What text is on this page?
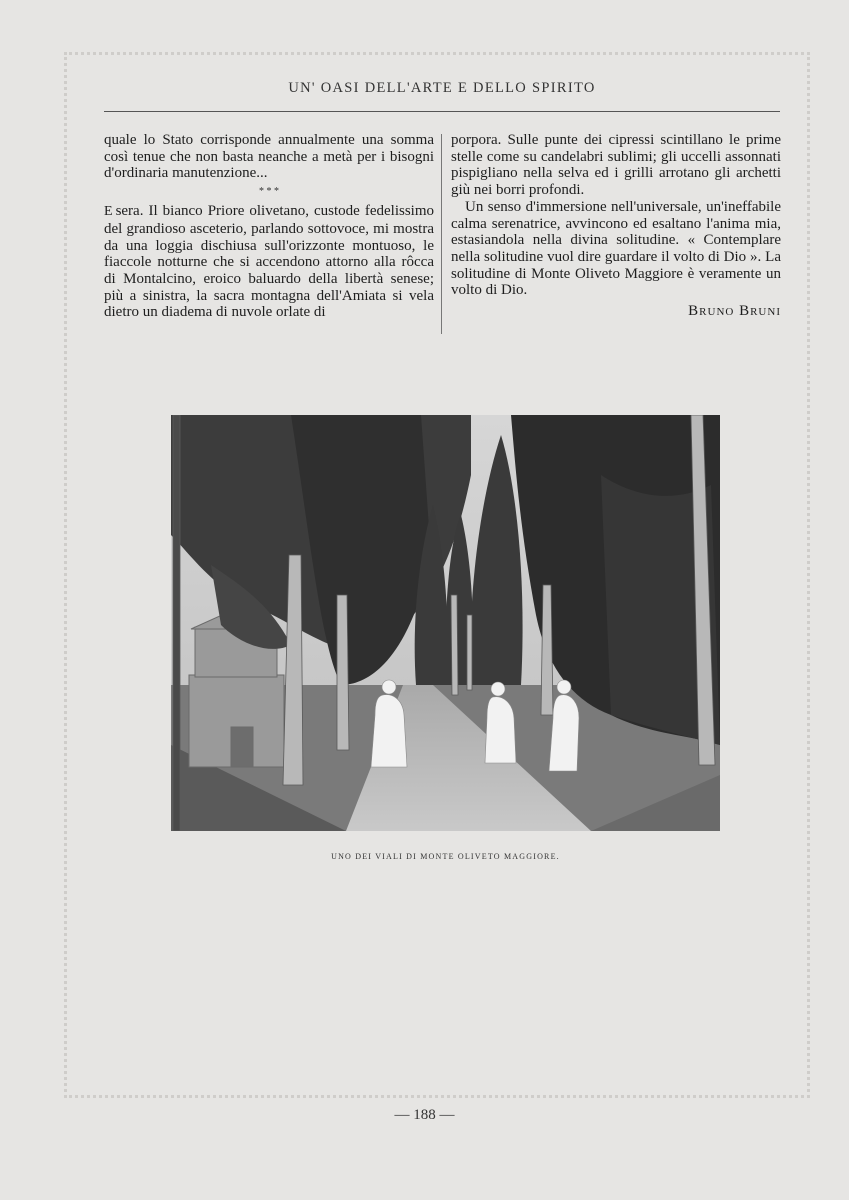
UN' OASI DELL'ARTE E DELLO SPIRITO

quale lo Stato corrisponde annualmente una somma così tenue che non basta neanche a metà per i bisogni d'ordinaria manutenzione...

* * *

E sera. Il bianco Priore olivetano, custode fedelissimo del grandioso asceterio, parlando sottovoce, mi mostra da una loggia dischiusa sull'orizzonte montuoso, le fiaccole notturne che si accendono attorno alla rôcca di Montalcino, eroico baluardo della libertà senese; più a sinistra, la sacra montagna dell'Amiata si vela dietro un diadema di nuvole orlate di

porpora. Sulle punte dei cipressi scintillano le prime stelle come su candelabri sublimi; gli uccelli assonnati pispigliano nella selva ed i grilli arrotano gli archetti giù nei borri profondi.

Un senso d'immersione nell'universale, un'ineffabile calma serenatrice, avvincono ed esaltano l'anima mia, estasiandola nella divina solitudine. « Contemplare nella solitudine vuol dire guardare il volto di Dio ». La solitudine di Monte Oliveto Maggiore è veramente un volto di Dio.

Bruno Bruni
UNO DEI VIALI DI MONTE OLIVETO MAGGIORE.
— 188 —
